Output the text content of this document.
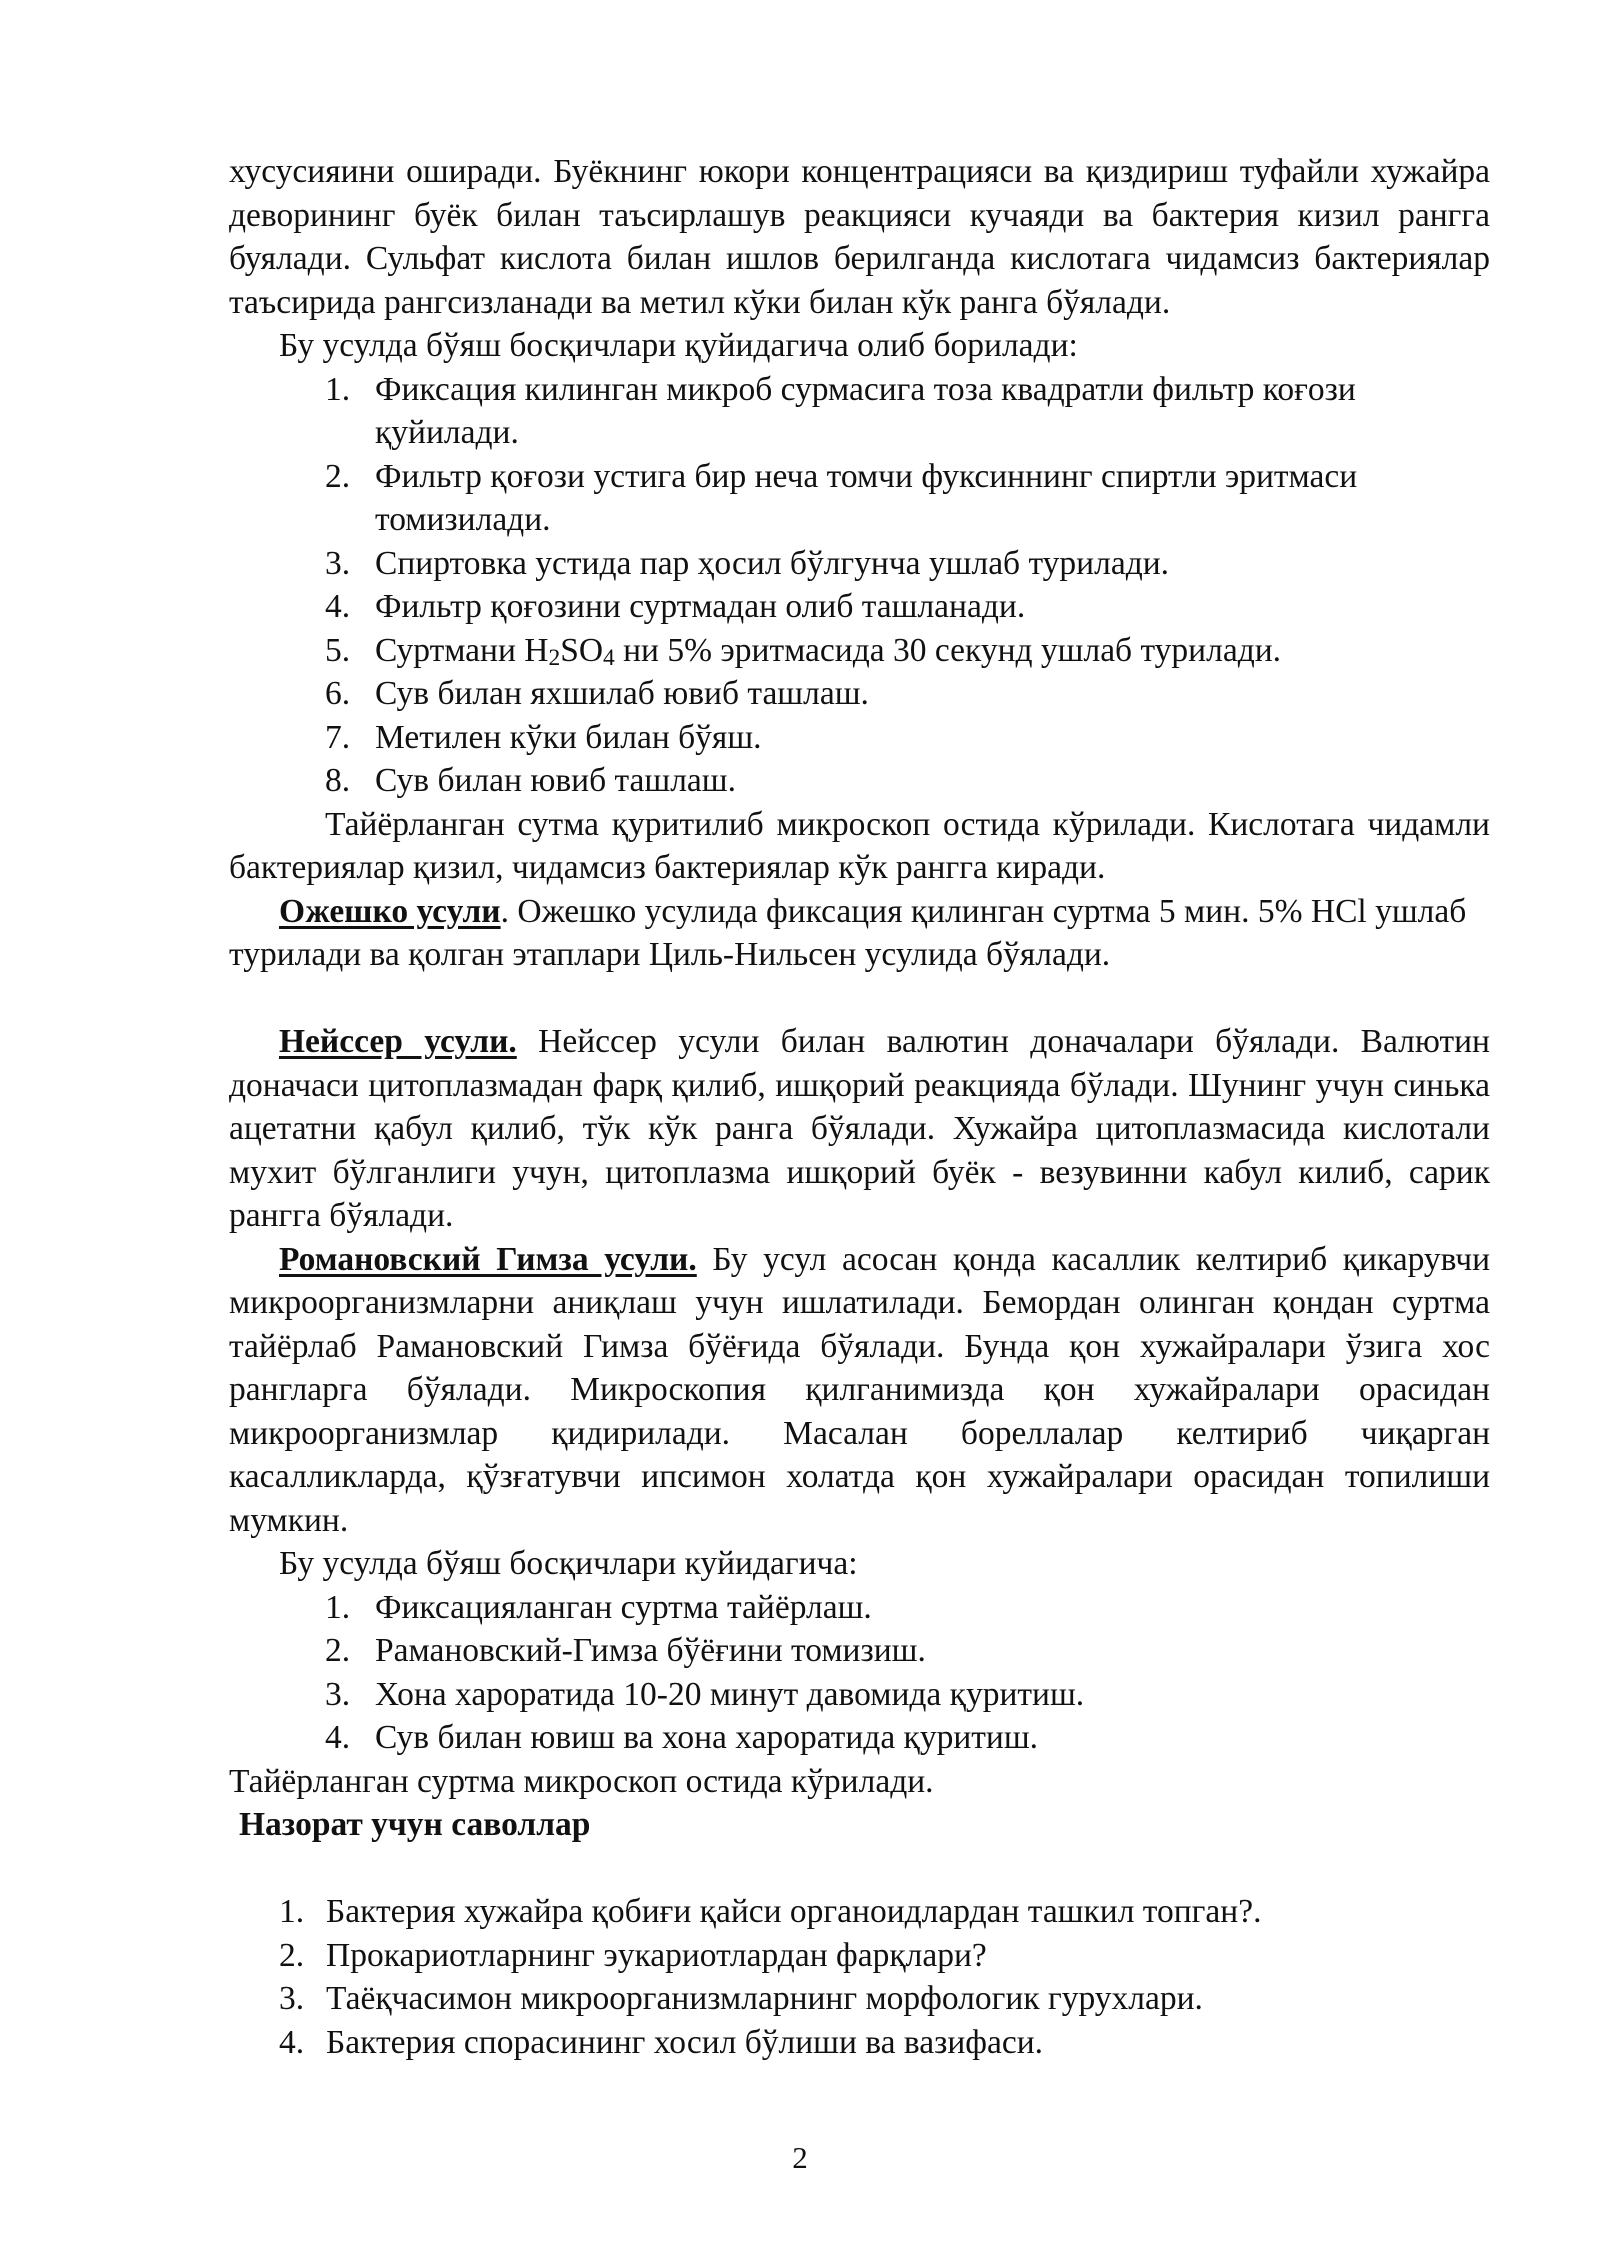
хусусияини оширади. Буёкнинг юкори концентрацияси ва қиздириш туфайли хужайра деворининг буёк билан таъсирлашув реакцияси кучаяди ва бактерия кизил рангга буялади. Сульфат кислота билан ишлов берилганда кислотага чидамсиз бактериялар таъсирида рангсизланади ва метил кўки билан кўк ранга бўялади.

Бу усулда бўяш босқичлари қуйидагича олиб борилади:

1. Фиксация килинган микроб сурмасига тоза квадратли фильтр коғози қуйилади.
2. Фильтр қоғози устига бир неча томчи фуксиннинг спиртли эритмаси томизилади.
3. Спиртовка устида пар ҳосил бўлгунча ушлаб турилади.
4. Фильтр қоғозини суртмадан олиб ташланади.
5. Суртмани $H_2SO_4$ ни 5% эритмасида 30 секунд ушлаб турилади.
6. Сув билан яхшилаб ювиб ташлаш.
7. Метилен кўки билан бўяш.
8. Сув билан ювиб ташлаш.

Тайёрланган сутма қуритилиб микроскоп остида кўрилади. Кислотага чидамли бактериялар қизил, чидамсиз бактериялар кўк рангга киради.

Ожешко усули. Ожешко усулида фиксация қилинган суртма 5 мин. 5% HCl ушлаб турилади ва қолган этаплари Циль-Нильсен усулида бўялади.

Нейссер усули. Нейссер усули билан валютин доначалари бўялади. Валютин доначаси цитоплазмадан фарқ қилиб, ишқорий реакцияда бўлади. Шунинг учун синька ацетатни қабул қилиб, тўк кўк ранга бўялади. Хужайра цитоплазмасида кислотали мухит бўлганлиги учун, цитоплазма ишқорий буёк - везувинни кабул килиб, сарик рангга бўялади.

Романовский Гимза усули. Бу усул асосан қонда касаллик келтириб қикарувчи микроорганизмларни аниқлаш учун ишлатилади. Бемордан олинган қондан суртма тайёрлаб Рамановский Гимза бўёғида бўялади. Бунда қон хужайралари ўзига хос рангларга бўялади. Микроскопия қилганимизда қон хужайралари орасидан микроорганизмлар қидирилади. Масалан бореллалар келтириб чиқарган касалликларда, қўзғатувчи ипсимон холатда қон хужайралари орасидан топилиши мумкин.

Бу усулда бўяш босқичлари куйидагича:

1. Фиксацияланган суртма тайёрлаш.
2. Рамановский-Гимза бўёғини томизиш.
3. Хона хароратида 10-20 минут давомида қуритиш.
4. Сув билан ювиш ва хона хароратида қуритиш.

Тайёрланган суртма микроскоп остида кўрилади.

Назорат учун саволлар

1. Бактерия хужайра қобиғи қайси органоидлардан ташкил топган?.
2. Прокариотларнинг эукариотлардан фарқлари?
3. Таёқчасимон микроорганизмларнинг морфологик гурухлари.
4. Бактерия спорасининг хосил бўлиши ва вазифаси.
2
